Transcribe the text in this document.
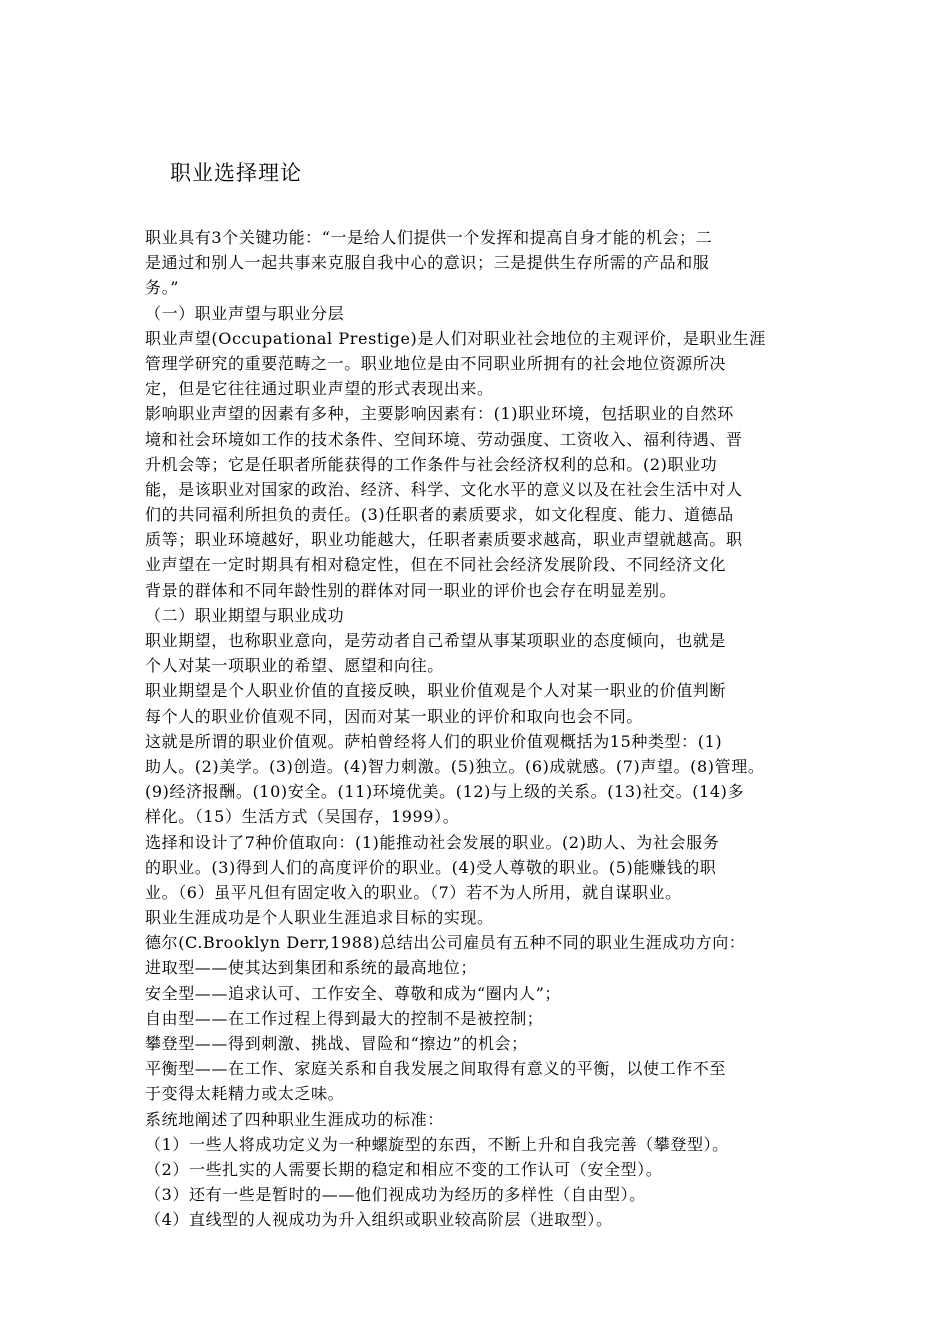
职业选择理论
职业具有3个关键功能：“一是给人们提供一个发挥和提高自身才能的机会；二
是通过和别人一起共事来克服自我中心的意识；三是提供生存所需的产品和服
务。”
（一）职业声望与职业分层
职业声望(Occupational Prestige)是人们对职业社会地位的主观评价，是职业生涯
管理学研究的重要范畴之一。职业地位是由不同职业所拥有的社会地位资源所决
定，但是它往往通过职业声望的形式表现出来。
影响职业声望的因素有多种，主要影响因素有：(1)职业环境，包括职业的自然环
境和社会环境如工作的技术条件、空间环境、劳动强度、工资收入、福利待遇、晋
升机会等；它是任职者所能获得的工作条件与社会经济权利的总和。(2)职业功
能，是该职业对国家的政治、经济、科学、文化水平的意义以及在社会生活中对人
们的共同福利所担负的责任。(3)任职者的素质要求，如文化程度、能力、道德品
质等；职业环境越好，职业功能越大，任职者素质要求越高，职业声望就越高。职
业声望在一定时期具有相对稳定性，但在不同社会经济发展阶段、不同经济文化
背景的群体和不同年龄性别的群体对同一职业的评价也会存在明显差别。
（二）职业期望与职业成功
职业期望，也称职业意向，是劳动者自己希望从事某项职业的态度倾向，也就是
个人对某一项职业的希望、愿望和向往。
职业期望是个人职业价值的直接反映，职业价值观是个人对某一职业的价值判断
每个人的职业价值观不同，因而对某一职业的评价和取向也会不同。
这就是所谓的职业价值观。萨柏曾经将人们的职业价值观概括为15种类型：(1)
助人。(2)美学。(3)创造。(4)智力刺激。(5)独立。(6)成就感。(7)声望。(8)管理。
(9)经济报酬。(10)安全。(11)环境优美。(12)与上级的关系。(13)社交。(14)多
样化。（15）生活方式（吴国存，1999）。
选择和设计了7种价值取向：(1)能推动社会发展的职业。(2)助人、为社会服务
的职业。(3)得到人们的高度评价的职业。(4)受人尊敬的职业。(5)能赚钱的职
业。（6）虽平凡但有固定收入的职业。（7）若不为人所用，就自谋职业。
职业生涯成功是个人职业生涯追求目标的实现。
德尔(C.Brooklyn Derr,1988)总结出公司雇员有五种不同的职业生涯成功方向：
进取型——使其达到集团和系统的最高地位；
安全型——追求认可、工作安全、尊敬和成为“圈内人”；
自由型——在工作过程上得到最大的控制不是被控制；
攀登型——得到刺激、挑战、冒险和“擦边”的机会；
平衡型——在工作、家庭关系和自我发展之间取得有意义的平衡，以使工作不至
于变得太耗精力或太乏味。
系统地阐述了四种职业生涯成功的标准：
（1）一些人将成功定义为一种螺旋型的东西，不断上升和自我完善（攀登型）。
（2）一些扎实的人需要长期的稳定和相应不变的工作认可（安全型）。
（3）还有一些是暂时的——他们视成功为经历的多样性（自由型）。
（4）直线型的人视成功为升入组织或职业较高阶层（进取型）。
